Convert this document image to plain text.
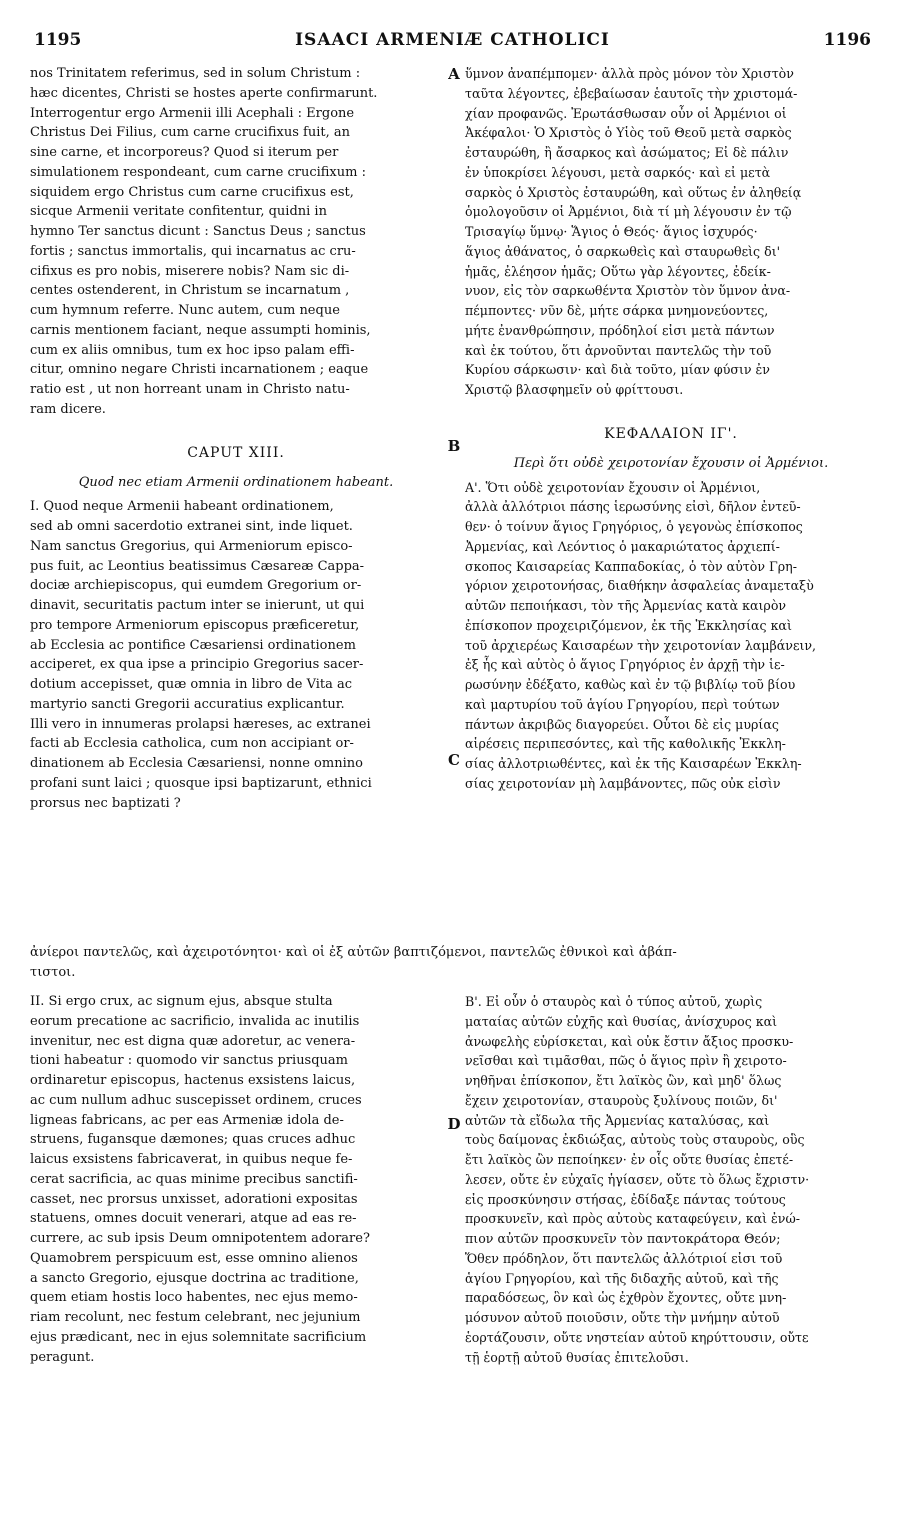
1195	ISAACI ARMENIÆ CATHOLICI	1196
A
B
C
D
nos Trinitatem referimus, sed in solum Christum :
hæc dicentes, Christi se hostes aperte confirmarunt.
Interrogentur ergo Armenii illi Acephali : Ergone
Christus Dei Filius, cum carne crucifixus fuit, an
sine carne, et incorporeus? Quod si iterum per
simulationem respondeant, cum carne crucifixum :
siquidem ergo Christus cum carne crucifixus est,
sicque Armenii veritate confitentur, quidni in
hymno Ter sanctus dicunt : Sanctus Deus ; sanctus
fortis ; sanctus immortalis, qui incarnatus ac cru-
cifixus es pro nobis, miserere nobis? Nam sic di-
centes ostenderent, in Christum se incarnatum ,
cum hymnum referre. Nunc autem, cum neque
carnis mentionem faciant, neque assumpti hominis,
cum ex aliis omnibus, tum ex hoc ipso palam effi-
citur, omnino negare Christi incarnationem ; eaque
ratio est , ut non horreant unam in Christo natu-
ram dicere.
CAPUT XIII.
Quod nec etiam Armenii ordinationem habeant.
I. Quod neque Armenii habeant ordinationem,
sed ab omni sacerdotio extranei sint, inde liquet.
Nam sanctus Gregorius, qui Armeniorum episco-
pus fuit, ac Leontius beatissimus Cæsareæ Cappa-
dociæ archiepiscopus, qui eumdem Gregorium or-
dinavit, securitatis pactum inter se inierunt, ut qui
pro tempore Armeniorum episcopus præficeretur,
ab Ecclesia ac pontifice Cæsariensi ordinationem
acciperet, ex qua ipse a principio Gregorius sacer-
dotium accepisset, quæ omnia in libro de Vita ac
martyrio sancti Gregorii accuratius explicantur.
Illi vero in innumeras prolapsi hæreses, ac extranei
facti ab Ecclesia catholica, cum non accipiant or-
dinationem ab Ecclesia Cæsariensi, nonne omnino
profani sunt laici ; quosque ipsi baptizarunt, ethnici
prorsus nec baptizati ?
ἀνίεροι παντελῶς, καὶ ἀχειροτόνητοι· καὶ οἱ ἐξ αὐτῶν βαπτιζόμενοι, παντελῶς ἐθνικοὶ καὶ ἀβάπ-
τιστοι.
II. Si ergo crux, ac signum ejus, absque stulta
eorum precatione ac sacrificio, invalida ac inutilis
invenitur, nec est digna quæ adoretur, ac venera-
tioni habeatur : quomodo vir sanctus priusquam
ordinaretur episcopus, hactenus exsistens laicus,
ac cum nullum adhuc suscepisset ordinem, cruces
ligneas fabricans, ac per eas Armeniæ idola de-
struens, fugansque dæmones; quas cruces adhuc
laicus exsistens fabricaverat, in quibus neque fe-
cerat sacrificia, ac quas minime precibus sanctifi-
casset, nec prorsus unxisset, adorationi expositas
statuens, omnes docuit venerari, atque ad eas re-
currere, ac sub ipsis Deum omnipotentem adorare?
Quamobrem perspicuum est, esse omnino alienos
a sancto Gregorio, ejusque doctrina ac traditione,
quem etiam hostis loco habentes, nec ejus memo-
riam recolunt, nec festum celebrant, nec jejunium
ejus prædicant, nec in ejus solemnitate sacrificium
peragunt.
ὕμνον ἀναπέμπομεν· ἀλλὰ πρὸς μόνον τὸν Χριστὸν
ταῦτα λέγοντες, ἐβεβαίωσαν ἑαυτοῖς τὴν χριστομά-
χίαν προφανῶς. Ἐρωτάσθωσαν οὖν οἱ Ἀρμένιοι οἱ
Ἀκέφαλοι· Ὁ Χριστὸς ὁ Υἱὸς τοῦ Θεοῦ μετὰ σαρκὸς
ἐσταυρώθη, ἢ ἄσαρκος καὶ ἀσώματος; Εἰ δὲ πάλιν
ἐν ὑποκρίσει λέγουσι, μετὰ σαρκός· καὶ εἰ μετὰ
σαρκὸς ὁ Χριστὸς ἐσταυρώθη, καὶ οὕτως ἐν ἀληθείᾳ
ὁμολογοῦσιν οἱ Ἀρμένιοι, διὰ τί μὴ λέγουσιν ἐν τῷ
Τρισαγίῳ ὕμνῳ· Ἅγιος ὁ Θεός· ἅγιος ἰσχυρός·
ἅγιος ἀθάνατος, ὁ σαρκωθεὶς καὶ σταυρωθεὶς δι'
ἡμᾶς, ἐλέησον ἡμᾶς; Οὕτω γὰρ λέγοντες, ἐδείκ-
νυον, εἰς τὸν σαρκωθέντα Χριστὸν τὸν ὕμνον ἀνα-
πέμποντες· νῦν δὲ, μήτε σάρκα μνημονεύοντες,
μήτε ἐνανθρώπησιν, πρόδηλοί εἰσι μετὰ πάντων
καὶ ἐκ τούτου, ὅτι ἀρνοῦνται παντελῶς τὴν τοῦ
Κυρίου σάρκωσιν· καὶ διὰ τοῦτο, μίαν φύσιν ἐν
Χριστῷ βλασφημεῖν οὐ φρίττουσι.
ΚΕΦΑΛΑΙΟΝ ΙΓ'.
Περὶ ὅτι οὐδὲ χειροτονίαν ἔχουσιν οἱ Ἀρμένιοι.
Α'. Ὅτι οὐδὲ χειροτονίαν ἔχουσιν οἱ Ἀρμένιοι,
ἀλλὰ ἀλλότριοι πάσης ἱερωσύνης εἰσὶ, δῆλον ἐντεῦ-
θεν· ὁ τοίνυν ἅγιος Γρηγόριος, ὁ γεγονὼς ἐπίσκοπος
Ἀρμενίας, καὶ Λεόντιος ὁ μακαριώτατος ἀρχιεπί-
σκοπος Καισαρείας Καππαδοκίας, ὁ τὸν αὐτὸν Γρη-
γόριον χειροτονήσας, διαθήκην ἀσφαλείας ἀναμεταξὺ
αὐτῶν πεποιήκασι, τὸν τῆς Ἀρμενίας κατὰ καιρὸν
ἐπίσκοπον προχειριζόμενον, ἐκ τῆς Ἐκκλησίας καὶ
τοῦ ἀρχιερέως Καισαρέων τὴν χειροτονίαν λαμβάνειν,
ἐξ ἧς καὶ αὐτὸς ὁ ἅγιος Γρηγόριος ἐν ἀρχῇ τὴν ἱε-
ρωσύνην ἐδέξατο, καθὼς καὶ ἐν τῷ βιβλίῳ τοῦ βίου
καὶ μαρτυρίου τοῦ ἁγίου Γρηγορίου, περὶ τούτων
πάντων ἀκριβῶς διαγορεύει. Οὗτοι δὲ εἰς μυρίας
αἱρέσεις περιπεσόντες, καὶ τῆς καθολικῆς Ἐκκλη-
σίας ἀλλοτριωθέντες, καὶ ἐκ τῆς Καισαρέων Ἐκκλη-
σίας χειροτονίαν μὴ λαμβάνοντες, πῶς οὐκ εἰσὶν
Β'. Εἰ οὖν ὁ σταυρὸς καὶ ὁ τύπος αὐτοῦ, χωρὶς
ματαίας αὐτῶν εὐχῆς καὶ θυσίας, ἀνίσχυρος καὶ
ἀνωφελὴς εὑρίσκεται, καὶ οὐκ ἔστιν ἄξιος προσκυ-
νεῖσθαι καὶ τιμᾶσθαι, πῶς ὁ ἅγιος πρὶν ἢ χειροτο-
νηθῆναι ἐπίσκοπον, ἔτι λαϊκὸς ὢν, καὶ μηδ' ὅλως
ἔχειν χειροτονίαν, σταυροὺς ξυλίνους ποιῶν, δι'
αὐτῶν τὰ εἴδωλα τῆς Ἀρμενίας καταλύσας, καὶ
τοὺς δαίμονας ἐκδιώξας, αὐτοὺς τοὺς σταυροὺς, οὓς
ἔτι λαϊκὸς ὢν πεποίηκεν· ἐν οἷς οὔτε θυσίας ἐπετέ-
λεσεν, οὔτε ἐν εὐχαῖς ἡγίασεν, οὔτε τὸ ὅλως ἔχριστν·
εἰς προσκύνησιν στήσας, ἐδίδαξε πάντας τούτους
προσκυνεῖν, καὶ πρὸς αὐτοὺς καταφεύγειν, καὶ ἐνώ-
πιον αὐτῶν προσκυνεῖν τὸν παντοκράτορα Θεόν;
Ὅθεν πρόδηλον, ὅτι παντελῶς ἀλλότριοί εἰσι τοῦ
ἁγίου Γρηγορίου, καὶ τῆς διδαχῆς αὐτοῦ, καὶ τῆς
παραδόσεως, ὃν καὶ ὡς ἐχθρὸν ἔχοντες, οὔτε μνη-
μόσυνον αὐτοῦ ποιοῦσιν, οὔτε τὴν μνήμην αὐτοῦ
ἑορτάζουσιν, οὔτε νηστείαν αὐτοῦ κηρύττουσιν, οὔτε
τῇ ἑορτῇ αὐτοῦ θυσίας ἐπιτελοῦσι.
